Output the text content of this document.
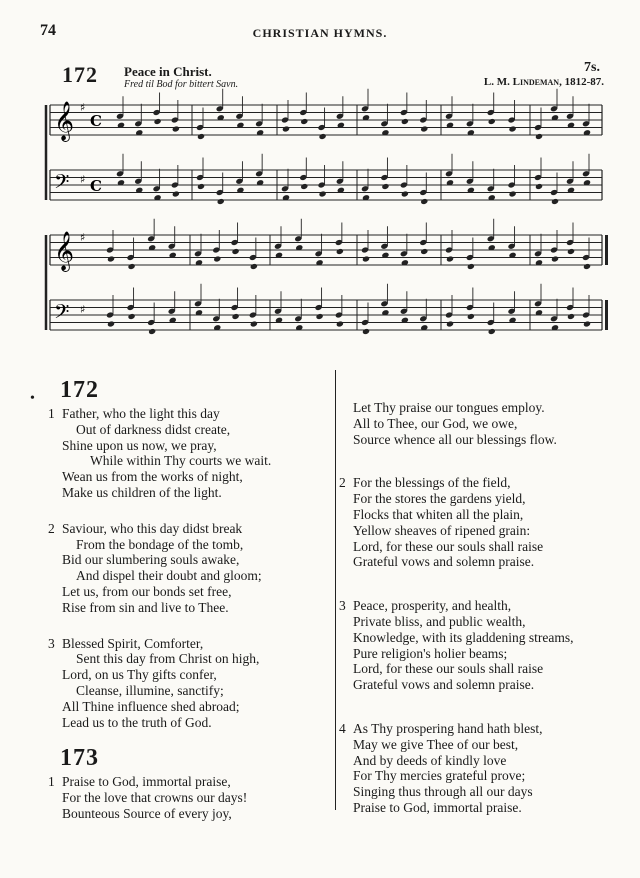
74	CHRISTIAN HYMNS.
172 Peace in Christ.
Fred til Bod for bittert Savn.
7s.
L. M. Lindeman, 1812-87.
𝄞 ♯
C
𝄢 ♯ C
𝄞 ♯
𝄢 ♯
• 172
1 Father, who the light this day
Out of darkness didst create,
Shine upon us now, we pray,
While within Thy courts we wait.
Wean us from the works of night,
Make us children of the light.
2 Saviour, who this day didst break
From the bondage of the tomb,
Bid our slumbering souls awake,
And dispel their doubt and gloom;
Let us, from our bonds set free,
Rise from sin and live to Thee.
3 Blessed Spirit, Comforter,
Sent this day from Christ on high,
Lord, on us Thy gifts confer,
Cleanse, illumine, sanctify;
All Thine influence shed abroad;
Lead us to the truth of God.
173
1 Praise to God, immortal praise,
For the love that crowns our days!
Bounteous Source of every joy,
Let Thy praise our tongues employ.
All to Thee, our God, we owe,
Source whence all our blessings flow.
2 For the blessings of the field,
For the stores the gardens yield,
Flocks that whiten all the plain,
Yellow sheaves of ripened grain:
Lord, for these our souls shall raise
Grateful vows and solemn praise.
3 Peace, prosperity, and health,
Private bliss, and public wealth,
Knowledge, with its gladdening streams,
Pure religion's holier beams;
Lord, for these our souls shall raise
Grateful vows and solemn praise.
4 As Thy prospering hand hath blest,
May we give Thee of our best,
And by deeds of kindly love
For Thy mercies grateful prove;
Singing thus through all our days
Praise to God, immortal praise.
